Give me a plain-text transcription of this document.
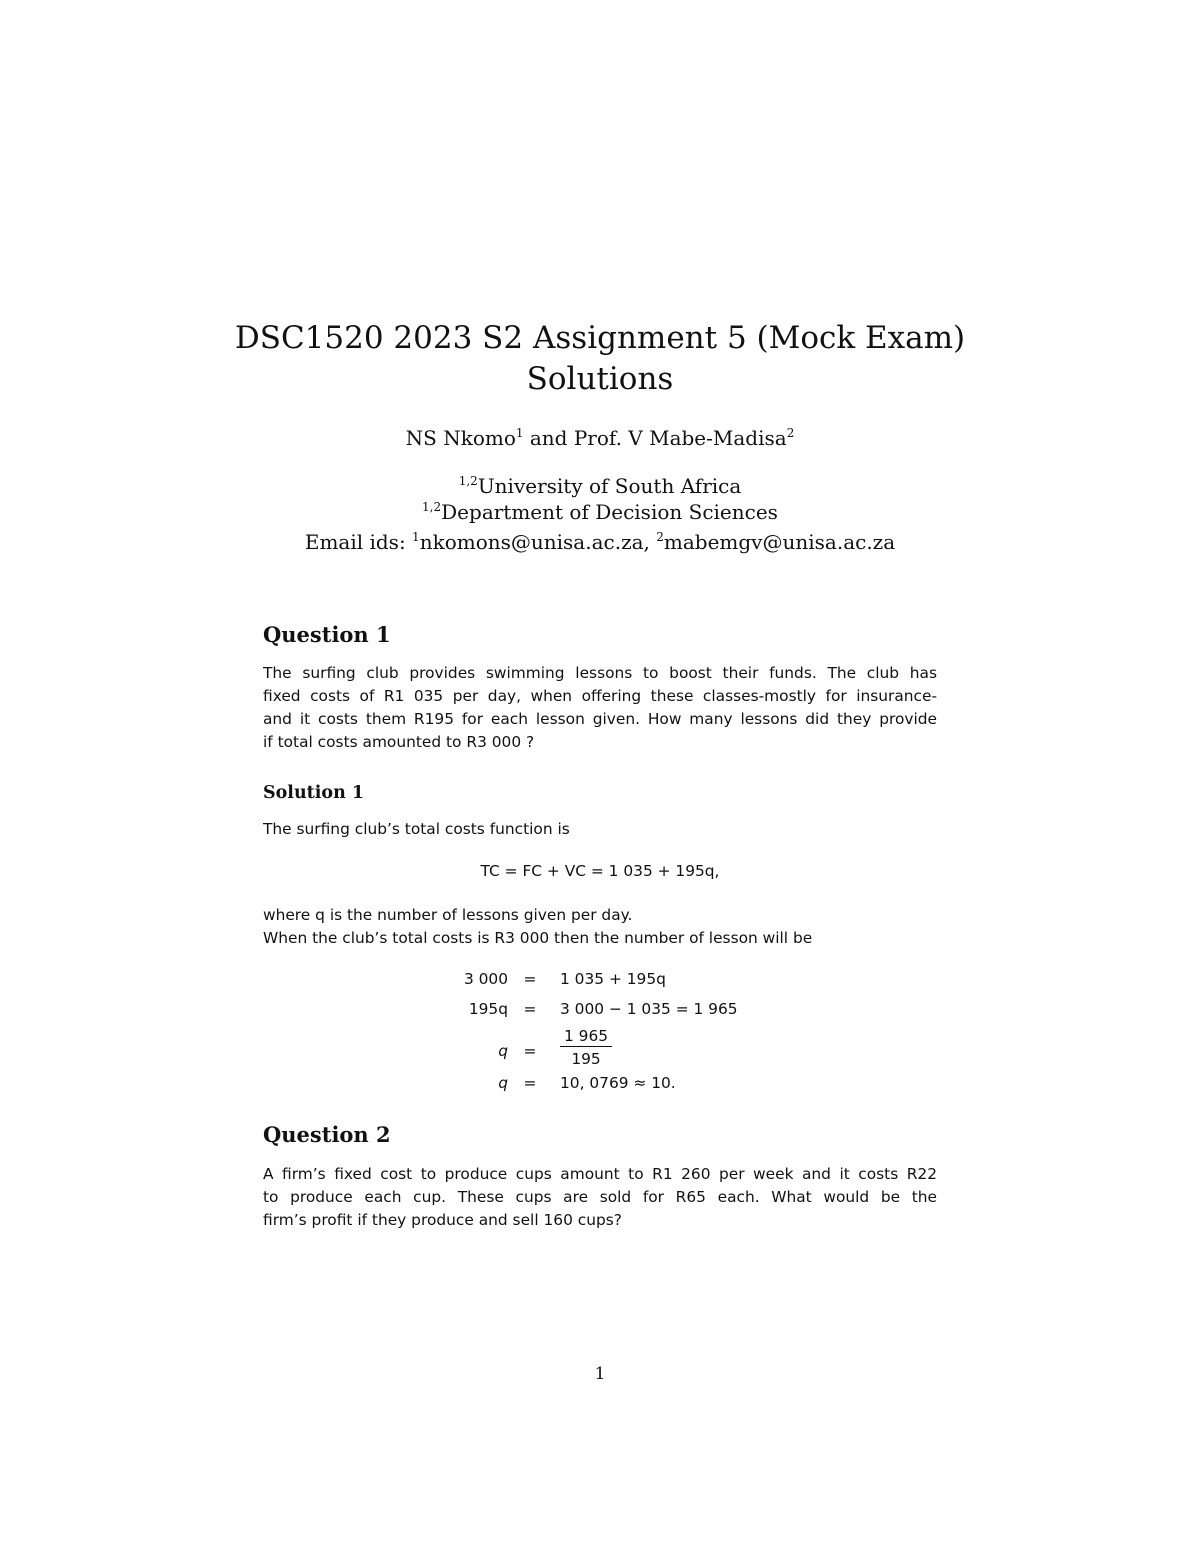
DSC1520 2023 S2 Assignment 5 (Mock Exam)
Solutions
NS Nkomo$^1$ and Prof. V Mabe-Madisa$^2$
$^{1,2}$University of South Africa
$^{1,2}$Department of Decision Sciences
Email ids: $^1$nkomons@unisa.ac.za, $^2$mabemgv@unisa.ac.za
Question 1
The surfing club provides swimming lessons to boost their funds. The club has
fixed costs of R1 035 per day, when offering these classes-mostly for insurance-
and it costs them R195 for each lesson given. How many lessons did they provide
if total costs amounted to R3 000 ?
Solution 1
The surfing club’s total costs function is
TC = FC + VC = 1 035 + 195q,
where q is the number of lessons given per day.
When the club’s total costs is R3 000 then the number of lesson will be
3 000 = 1 035 + 195q
195q = 3 000 − 1 035 = 1 965
$q = \frac{1 965}{195}$
q = 10, 0769 ≈ 10.
Question 2
A firm’s fixed cost to produce cups amount to R1 260 per week and it costs R22
to produce each cup. These cups are sold for R65 each. What would be the
firm’s profit if they produce and sell 160 cups?
1
